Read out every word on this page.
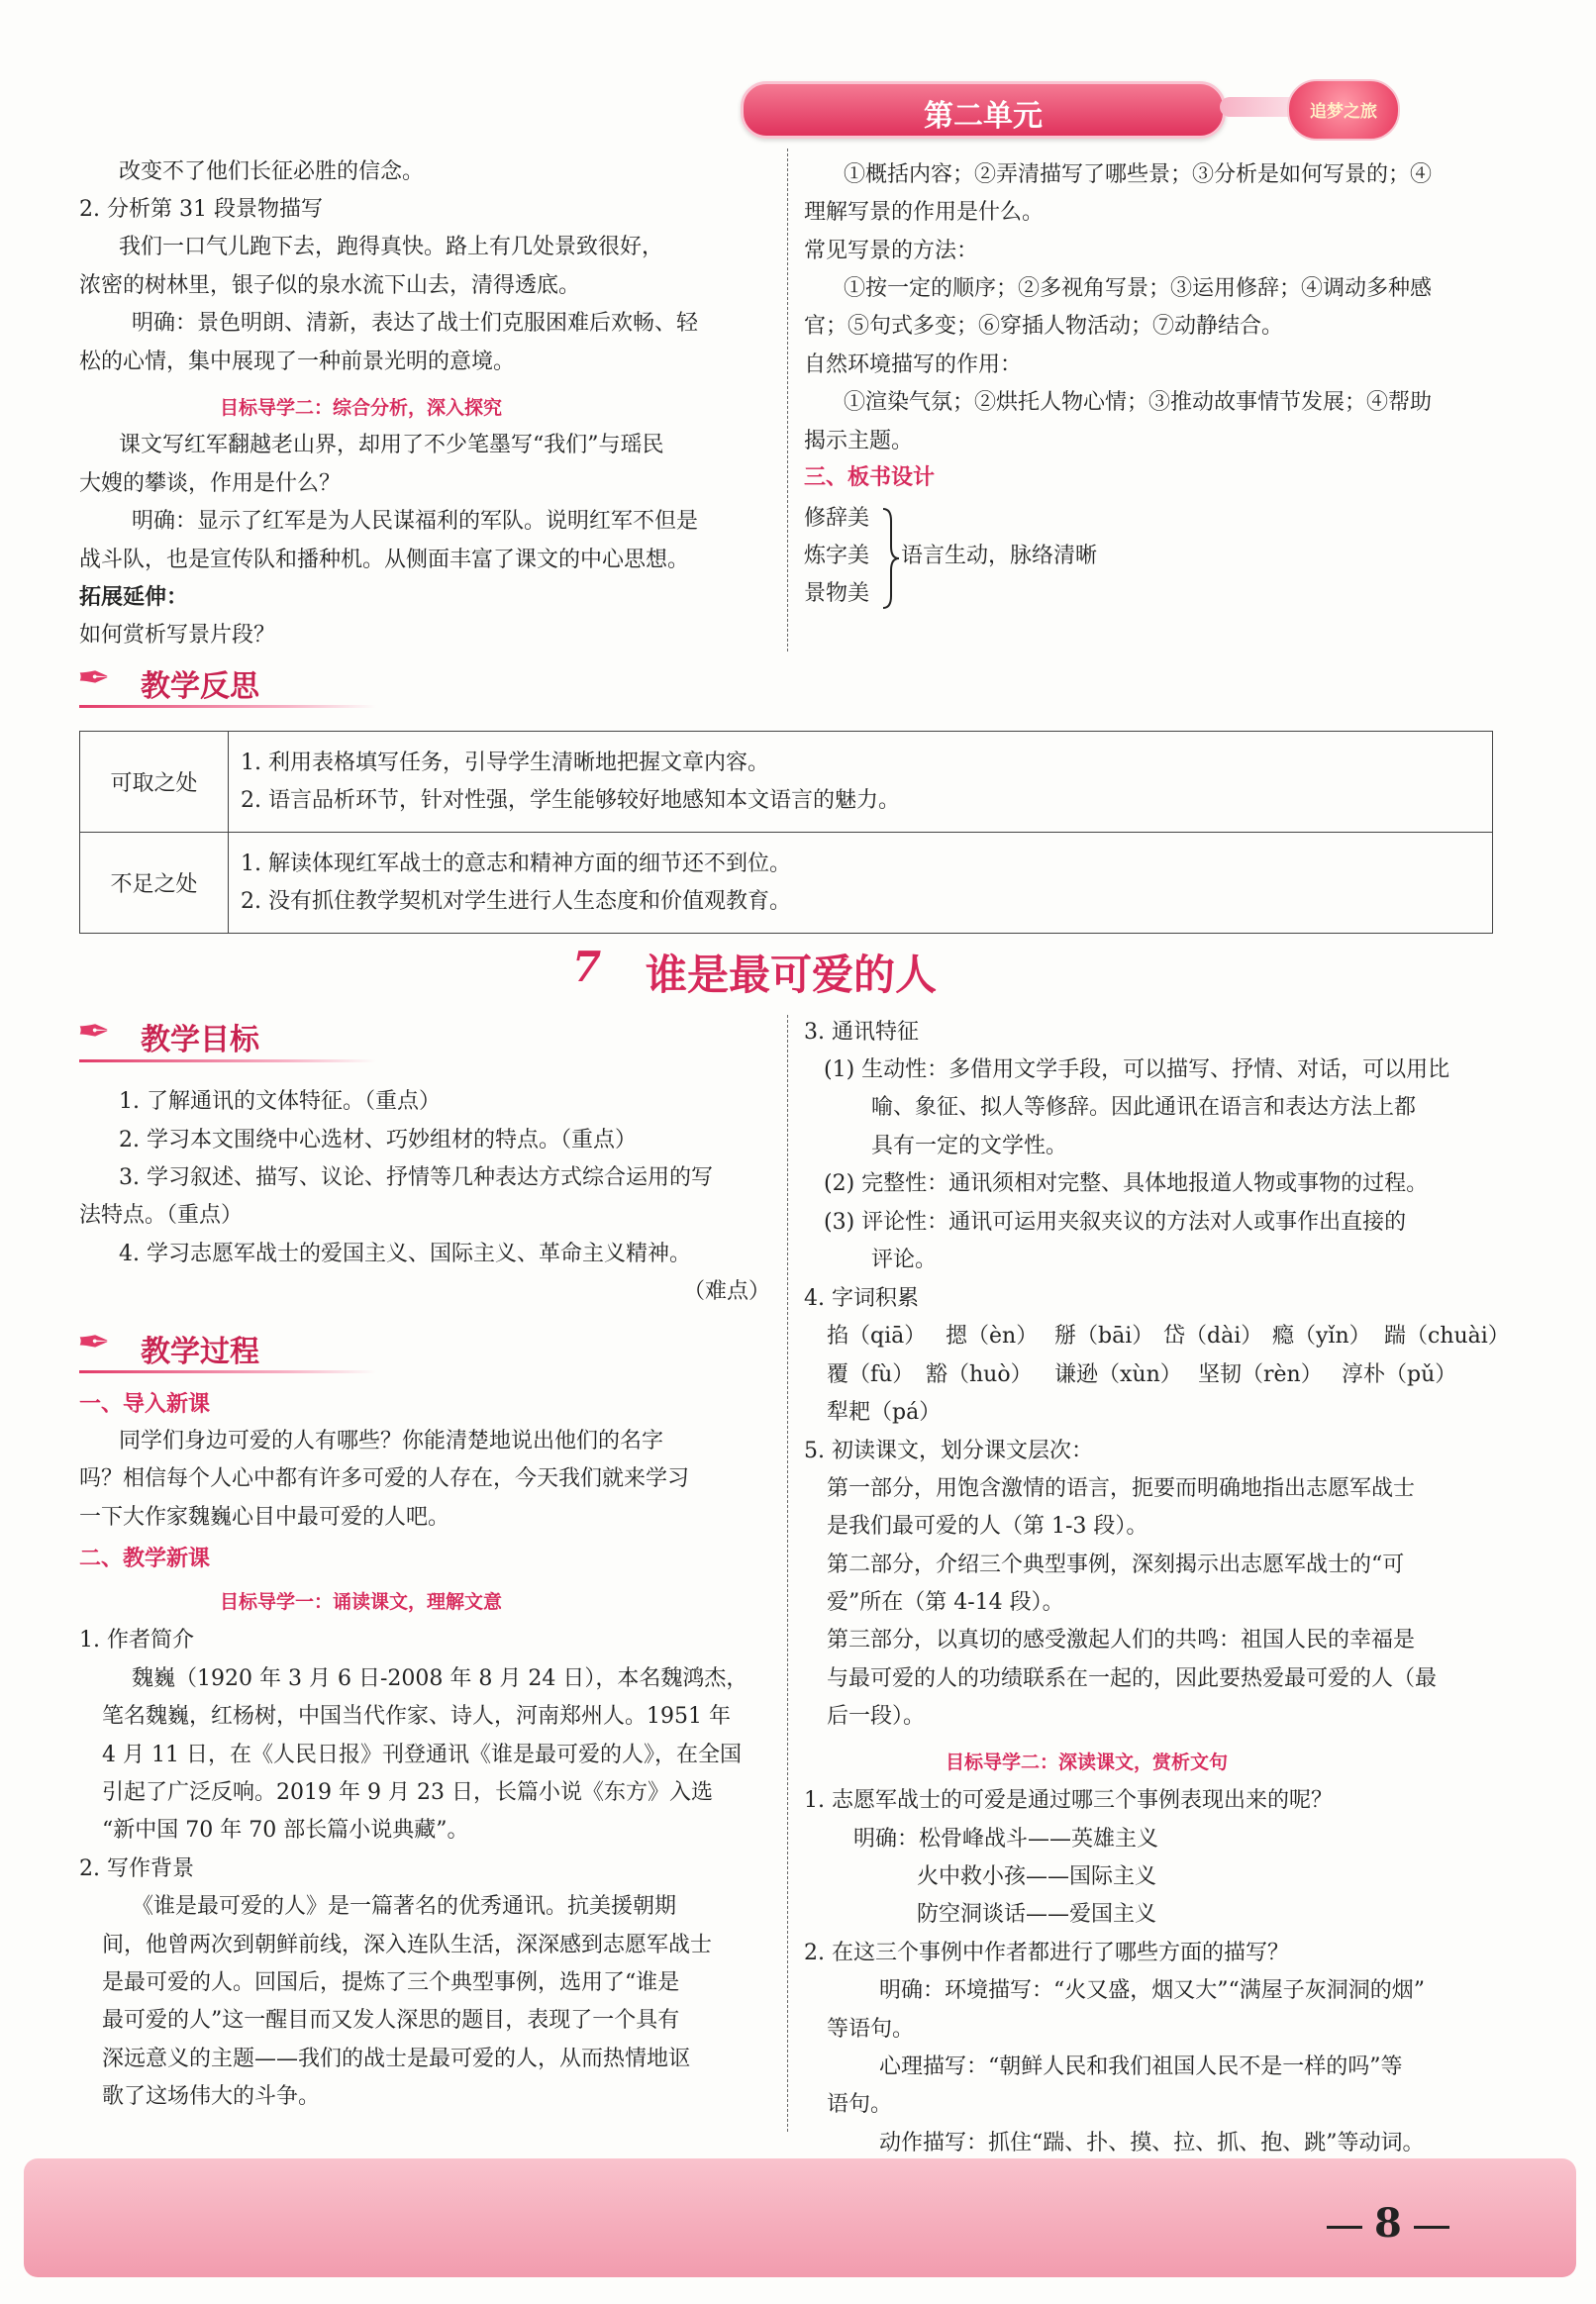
第二单元	追梦之旅
改变不了他们长征必胜的信念。
2. 分析第 31 段景物描写
我们一口气儿跑下去，跑得真快。路上有几处景致很好，
浓密的树林里，银子似的泉水流下山去，清得透底。
明确：景色明朗、清新，表达了战士们克服困难后欢畅、轻
松的心情，集中展现了一种前景光明的意境。
目标导学二：综合分析，深入探究
课文写红军翻越老山界，却用了不少笔墨写“我们”与瑶民
大嫂的攀谈，作用是什么？
明确：显示了红军是为人民谋福利的军队。说明红军不但是
战斗队，也是宣传队和播种机。从侧面丰富了课文的中心思想。
拓展延伸：
如何赏析写景片段？
①概括内容；②弄清描写了哪些景；③分析是如何写景的；④
理解写景的作用是什么。
常见写景的方法：
①按一定的顺序；②多视角写景；③运用修辞；④调动多种感
官；⑤句式多变；⑥穿插人物活动；⑦动静结合。
自然环境描写的作用：
①渲染气氛；②烘托人物心情；③推动故事情节发展；④帮助
揭示主题。
三、板书设计
修辞美
炼字美
景物美
语言生动，脉络清晰
✒ 教学反思
可取之处	1. 利用表格填写任务，引导学生清晰地把握文章内容。
2. 语言品析环节，针对性强，学生能够较好地感知本文语言的魅力。

不足之处	1. 解读体现红军战士的意志和精神方面的细节还不到位。
2. 没有抓住教学契机对学生进行人生态度和价值观教育。
7 谁是最可爱的人
✒ 教学目标
1. 了解通讯的文体特征。（重点）
2. 学习本文围绕中心选材、巧妙组材的特点。（重点）
3. 学习叙述、描写、议论、抒情等几种表达方式综合运用的写
法特点。（重点）
4. 学习志愿军战士的爱国主义、国际主义、革命主义精神。
（难点）
✒ 教学过程
一、导入新课
同学们身边可爱的人有哪些？你能清楚地说出他们的名字
吗？相信每个人心中都有许多可爱的人存在，今天我们就来学习
一下大作家魏巍心目中最可爱的人吧。
二、教学新课
目标导学一：诵读课文，理解文意
1. 作者简介
魏巍（1920 年 3 月 6 日-2008 年 8 月 24 日），本名魏鸿杰，
笔名魏巍，红杨树，中国当代作家、诗人，河南郑州人。1951 年
4 月 11 日，在《人民日报》刊登通讯《谁是最可爱的人》，在全国
引起了广泛反响。2019 年 9 月 23 日，长篇小说《东方》入选
“新中国 70 年 70 部长篇小说典藏”。
2. 写作背景
《谁是最可爱的人》是一篇著名的优秀通讯。抗美援朝期
间，他曾两次到朝鲜前线，深入连队生活，深深感到志愿军战士
是最可爱的人。回国后，提炼了三个典型事例，选用了“谁是
最可爱的人”这一醒目而又发人深思的题目，表现了一个具有
深远意义的主题——我们的战士是最可爱的人，从而热情地讴
歌了这场伟大的斗争。
3. 通讯特征
(1) 生动性：多借用文学手段，可以描写、抒情、对话，可以用比
喻、象征、拟人等修辞。因此通讯在语言和表达方法上都
具有一定的文学性。
(2) 完整性：通讯须相对完整、具体地报道人物或事物的过程。
(3) 评论性：通讯可运用夹叙夹议的方法对人或事作出直接的
评论。
4. 字词积累
掐（qiā） 摁（èn） 掰（bāi） 岱（dài） 瘾（yǐn） 踹（chuài）
覆（fù） 豁（huò） 谦逊（xùn） 坚韧（rèn） 淳朴（pǔ）
犁耙（pá）
5. 初读课文，划分课文层次：
第一部分，用饱含激情的语言，扼要而明确地指出志愿军战士
是我们最可爱的人（第 1-3 段）。
第二部分，介绍三个典型事例，深刻揭示出志愿军战士的“可
爱”所在（第 4-14 段）。
第三部分，以真切的感受激起人们的共鸣：祖国人民的幸福是
与最可爱的人的功绩联系在一起的，因此要热爱最可爱的人（最
后一段）。
目标导学二：深读课文，赏析文句
1. 志愿军战士的可爱是通过哪三个事例表现出来的呢？
明确：松骨峰战斗——英雄主义
火中救小孩——国际主义
防空洞谈话——爱国主义
2. 在这三个事例中作者都进行了哪些方面的描写？
明确：环境描写：“火又盛，烟又大”“满屋子灰洞洞的烟”
等语句。
心理描写：“朝鲜人民和我们祖国人民不是一样的吗”等
语句。
动作描写：抓住“踹、扑、摸、拉、抓、抱、跳”等动词。
8
